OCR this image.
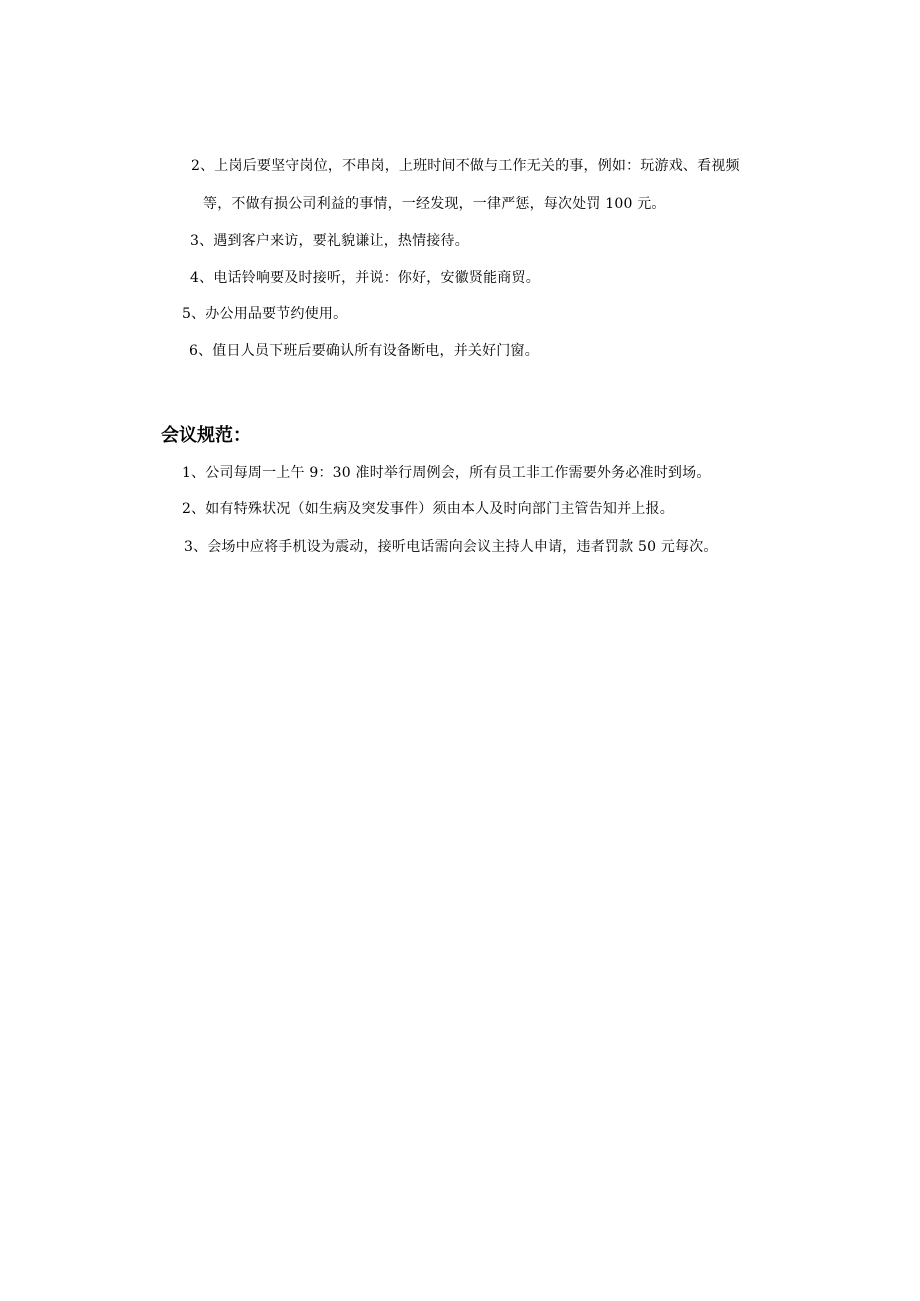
2、上岗后要坚守岗位，不串岗，上班时间不做与工作无关的事，例如：玩游戏、看视频
等，不做有损公司利益的事情，一经发现，一律严惩，每次处罚 100 元。
3、遇到客户来访，要礼貌谦让，热情接待。
4、电话铃响要及时接听，并说：你好，安徽贤能商贸。
5、办公用品要节约使用。
6、值日人员下班后要确认所有设备断电，并关好门窗。
会议规范：
1、公司每周一上午 9：30 准时举行周例会，所有员工非工作需要外务必准时到场。
2、如有特殊状况（如生病及突发事件）须由本人及时向部门主管告知并上报。
3、会场中应将手机设为震动，接听电话需向会议主持人申请，违者罚款 50 元每次。
